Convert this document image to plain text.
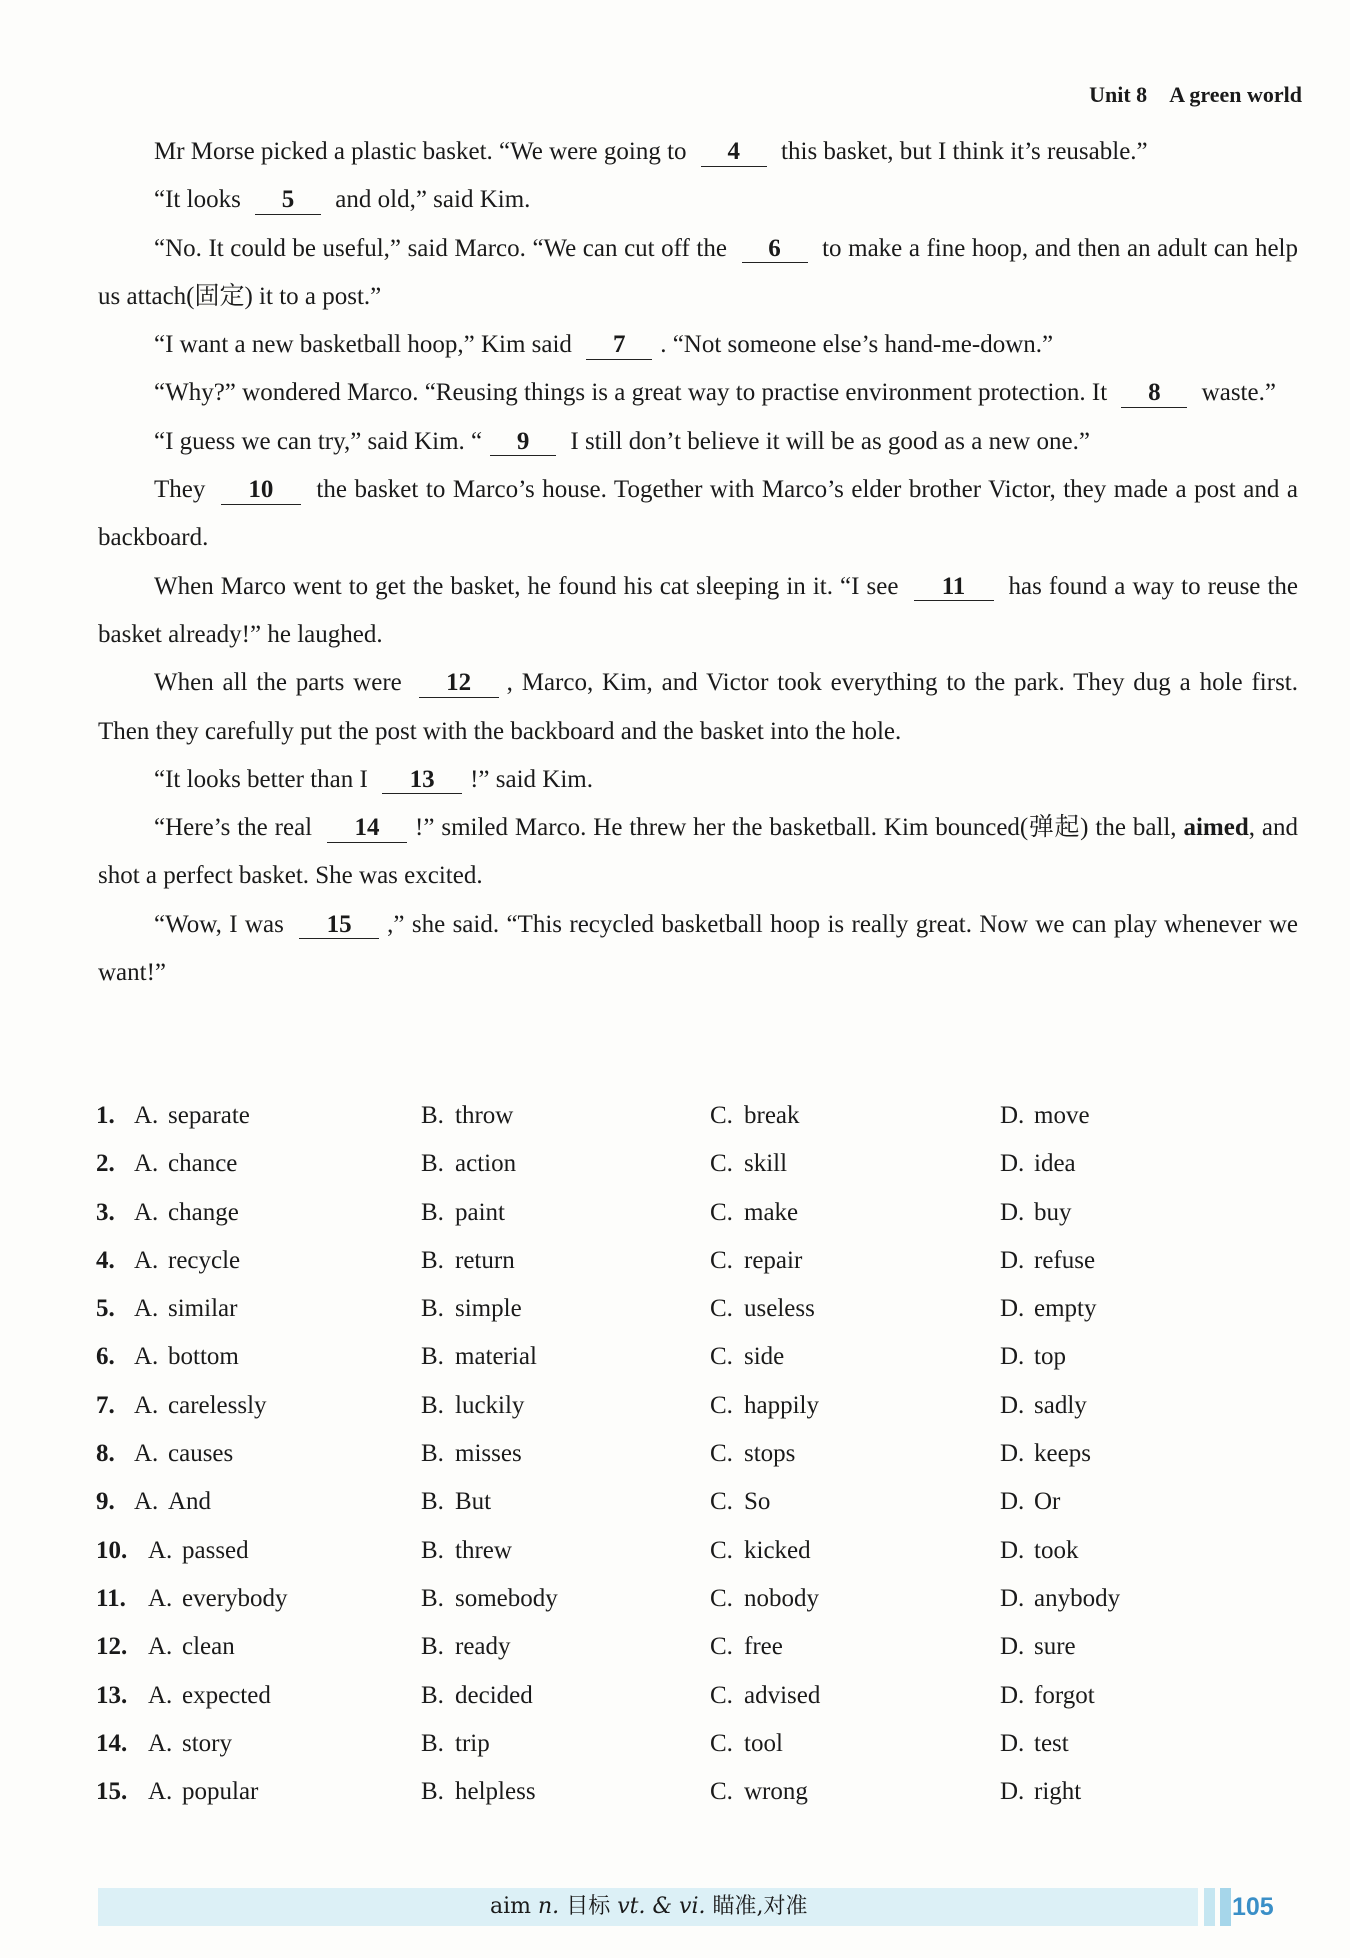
Unit 8 A green world

Mr Morse picked a plastic basket. “We were going to 4 this basket, but I think it’s reusable.”

“It looks 5 and old,” said Kim.

“No. It could be useful,” said Marco. “We can cut off the 6 to make a fine hoop, and then an adult can help us attach(固定) it to a post.”

“I want a new basketball hoop,” Kim said 7 . “Not someone else’s hand-me-down.”

“Why?” wondered Marco. “Reusing things is a great way to practise environment protection. It 8 waste.”

“I guess we can try,” said Kim. “ 9 I still don’t believe it will be as good as a new one.”

They 10 the basket to Marco’s house. Together with Marco’s elder brother Victor, they made a post and a backboard.

When Marco went to get the basket, he found his cat sleeping in it. “I see 11 has found a way to reuse the basket already!” he laughed.

When all the parts were 12 , Marco, Kim, and Victor took everything to the park. They dug a hole first. Then they carefully put the post with the backboard and the basket into the hole.

“It looks better than I 13 !” said Kim.

“Here’s the real 14 !” smiled Marco. He threw her the basketball. Kim bounced(弹起) the ball, aimed, and shot a perfect basket. She was excited.

“Wow, I was 15 ,” she said. “This recycled basketball hoop is really great. Now we can play whenever we want!”

1. A. separate	B. throw	C. break	D. move
2. A. chance	B. action	C. skill	D. idea
3. A. change	B. paint	C. make	D. buy
4. A. recycle	B. return	C. repair	D. refuse
5. A. similar	B. simple	C. useless	D. empty
6. A. bottom	B. material	C. side	D. top
7. A. carelessly	B. luckily	C. happily	D. sadly
8. A. causes	B. misses	C. stops	D. keeps
9. A. And	B. But	C. So	D. Or
10. A. passed	B. threw	C. kicked	D. took
11. A. everybody	B. somebody	C. nobody	D. anybody
12. A. clean	B. ready	C. free	D. sure
13. A. expected	B. decided	C. advised	D. forgot
14. A. story	B. trip	C. tool	D. test
15. A. popular	B. helpless	C. wrong	D. right
aim n. 目标 vt. & vi. 瞄准,对准	105
